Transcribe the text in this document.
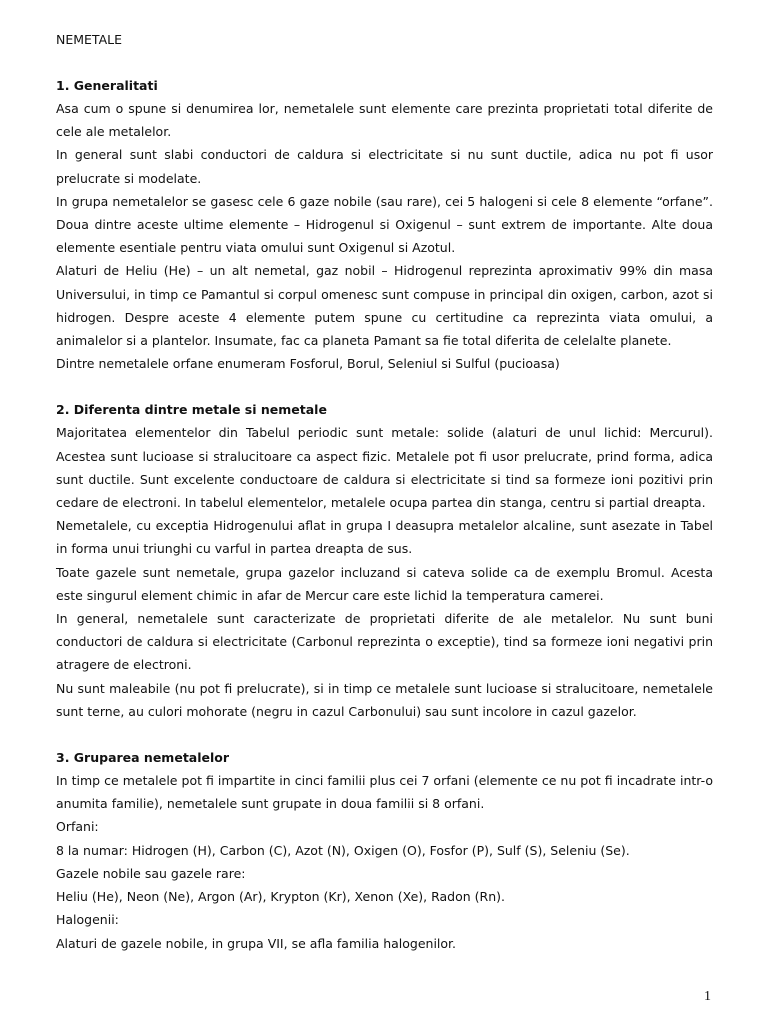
NEMETALE

1. Generalitati

Asa cum o spune si denumirea lor, nemetalele sunt elemente care prezinta proprietati total diferite de cele ale metalelor.

In general sunt slabi conductori de caldura si electricitate si nu sunt ductile, adica nu pot fi usor prelucrate si modelate.

In grupa nemetalelor se gasesc cele 6 gaze nobile (sau rare), cei 5 halogeni si cele 8 elemente “orfane”. Doua dintre aceste ultime elemente – Hidrogenul si Oxigenul – sunt extrem de importante. Alte doua elemente esentiale pentru viata omului sunt Oxigenul si Azotul.

Alaturi de Heliu (He) – un alt nemetal, gaz nobil – Hidrogenul reprezinta aproximativ 99% din masa Universului, in timp ce Pamantul si corpul omenesc sunt compuse in principal din oxigen, carbon, azot si hidrogen. Despre aceste 4 elemente putem spune cu certitudine ca reprezinta viata omului, a animalelor si a plantelor. Insumate, fac ca planeta Pamant sa fie total diferita de celelalte planete.

Dintre nemetalele orfane enumeram Fosforul, Borul, Seleniul si Sulful (pucioasa)

2. Diferenta dintre metale si nemetale

Majoritatea elementelor din Tabelul periodic sunt metale: solide (alaturi de unul lichid: Mercurul). Acestea sunt lucioase si stralucitoare ca aspect fizic. Metalele pot fi usor prelucrate, prind forma, adica sunt ductile. Sunt excelente conductoare de caldura si electricitate si tind sa formeze ioni pozitivi prin cedare de electroni. In tabelul elementelor, metalele ocupa partea din stanga, centru si partial dreapta.

Nemetalele, cu exceptia Hidrogenului aflat in grupa I deasupra metalelor alcaline, sunt asezate in Tabel in forma unui triunghi cu varful in partea dreapta de sus.

Toate gazele sunt nemetale, grupa gazelor incluzand si cateva solide ca de exemplu Bromul. Acesta este singurul element chimic in afar de Mercur care este lichid la temperatura camerei.

In general, nemetalele sunt caracterizate de proprietati diferite de ale metalelor. Nu sunt buni conductori de caldura si electricitate (Carbonul reprezinta o exceptie), tind sa formeze ioni negativi prin atragere de electroni.

Nu sunt maleabile (nu pot fi prelucrate), si in timp ce metalele sunt lucioase si stralucitoare, nemetalele sunt terne, au culori mohorate (negru in cazul Carbonului) sau sunt incolore in cazul gazelor.

3. Gruparea nemetalelor

In timp ce metalele pot fi impartite in cinci familii plus cei 7 orfani (elemente ce nu pot fi incadrate intr-o anumita familie), nemetalele sunt grupate in doua familii si 8 orfani.

Orfani:

8 la numar: Hidrogen (H), Carbon (C), Azot (N), Oxigen (O), Fosfor (P), Sulf (S), Seleniu (Se).

Gazele nobile sau gazele rare:

Heliu (He), Neon (Ne), Argon (Ar), Krypton (Kr), Xenon (Xe), Radon (Rn).

Halogenii:

Alaturi de gazele nobile, in grupa VII, se afla familia halogenilor.

1
